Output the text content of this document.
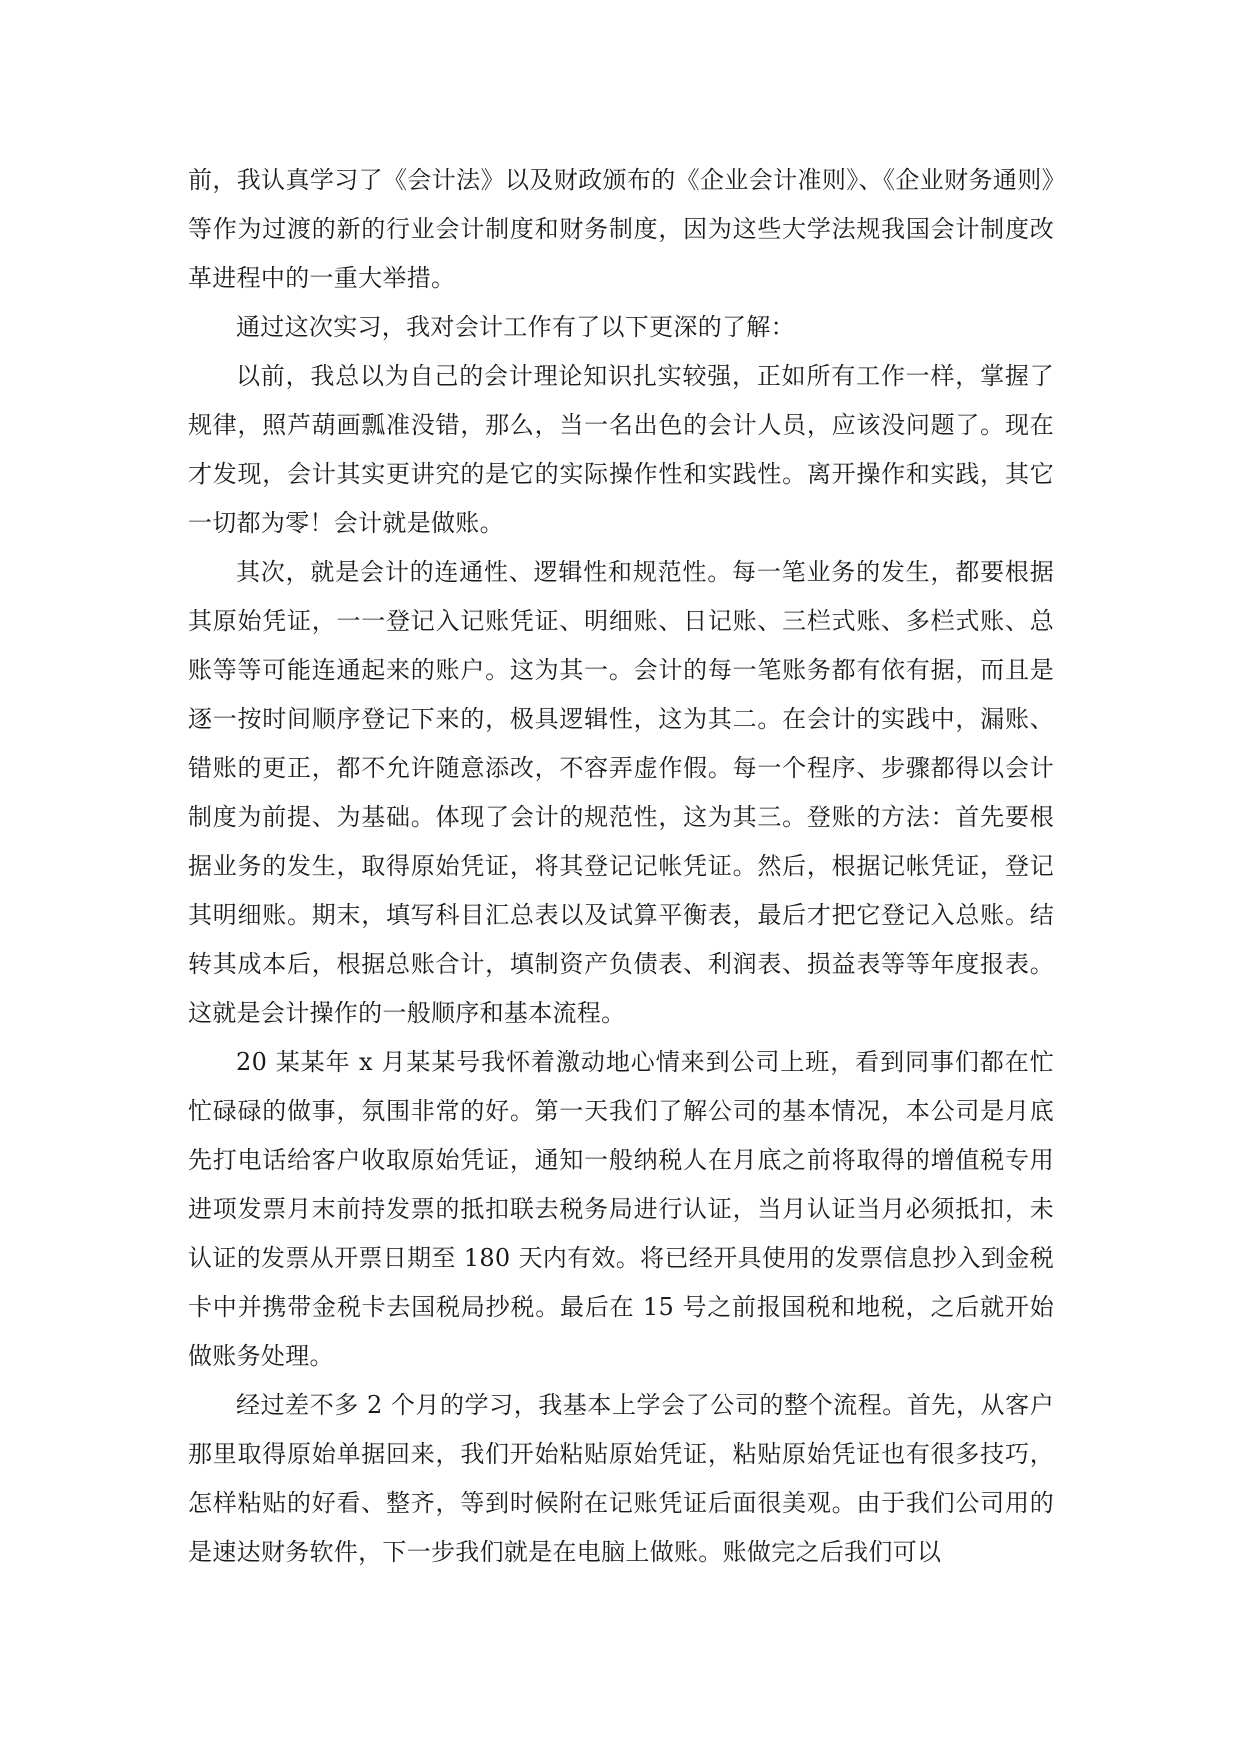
前，我认真学习了《会计法》以及财政颁布的《企业会计准则》、《企业财务通则》等作为过渡的新的行业会计制度和财务制度，因为这些大学法规我国会计制度改革进程中的一重大举措。

通过这次实习，我对会计工作有了以下更深的了解：

以前，我总以为自己的会计理论知识扎实较强，正如所有工作一样，掌握了规律，照芦葫画瓢准没错，那么，当一名出色的会计人员，应该没问题了。现在才发现，会计其实更讲究的是它的实际操作性和实践性。离开操作和实践，其它一切都为零！会计就是做账。

其次，就是会计的连通性、逻辑性和规范性。每一笔业务的发生，都要根据其原始凭证，一一登记入记账凭证、明细账、日记账、三栏式账、多栏式账、总账等等可能连通起来的账户。这为其一。会计的每一笔账务都有依有据，而且是逐一按时间顺序登记下来的，极具逻辑性，这为其二。在会计的实践中，漏账、错账的更正，都不允许随意添改，不容弄虚作假。每一个程序、步骤都得以会计制度为前提、为基础。体现了会计的规范性，这为其三。登账的方法：首先要根据业务的发生，取得原始凭证，将其登记记帐凭证。然后，根据记帐凭证，登记其明细账。期末，填写科目汇总表以及试算平衡表，最后才把它登记入总账。结转其成本后，根据总账合计，填制资产负债表、利润表、损益表等等年度报表。这就是会计操作的一般顺序和基本流程。

20 某某年 x 月某某号我怀着激动地心情来到公司上班，看到同事们都在忙忙碌碌的做事，氛围非常的好。第一天我们了解公司的基本情况，本公司是月底先打电话给客户收取原始凭证，通知一般纳税人在月底之前将取得的增值税专用进项发票月末前持发票的抵扣联去税务局进行认证，当月认证当月必须抵扣，未认证的发票从开票日期至 180 天内有效。将已经开具使用的发票信息抄入到金税卡中并携带金税卡去国税局抄税。最后在 15 号之前报国税和地税，之后就开始做账务处理。

经过差不多 2 个月的学习，我基本上学会了公司的整个流程。首先，从客户那里取得原始单据回来，我们开始粘贴原始凭证，粘贴原始凭证也有很多技巧，怎样粘贴的好看、整齐，等到时候附在记账凭证后面很美观。由于我们公司用的是速达财务软件，下一步我们就是在电脑上做账。账做完之后我们可以
